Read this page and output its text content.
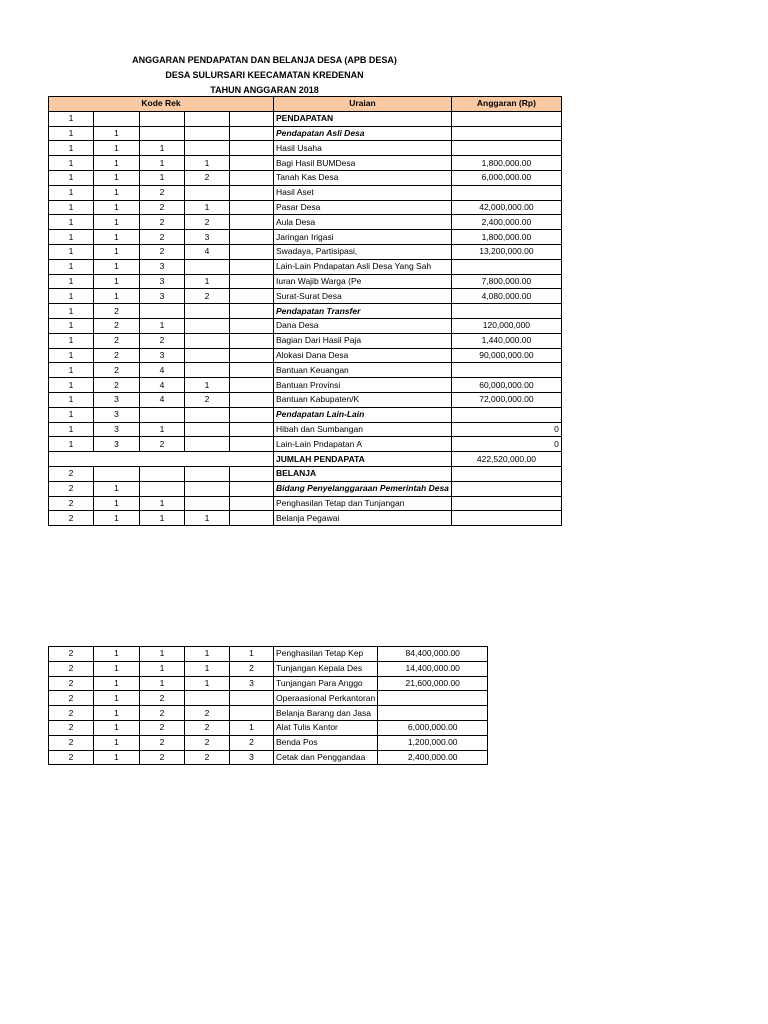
ANGGARAN PENDAPATAN DAN BELANJA DESA (APB DESA)
DESA SULURSARI KEECAMATAN KREDENAN
TAHUN ANGGARAN 2018
Kode Rek					Uraian	Anggaran (Rp)
1					PENDAPATAN	
1	1				Pendapatan Asli Desa	
1	1	1			Hasil Usaha	
1	1	1	1		Bagi Hasil BUMDesa	1,800,000.00
1	1	1	2		Tanah Kas Desa	6,000,000.00
1	1	2			Hasil Aset	
1	1	2	1		Pasar Desa	42,000,000.00
1	1	2	2		Aula Desa	2,400,000.00
1	1	2	3		Jaringan Irigasi	1,800,000.00
1	1	2	4		Swadaya, Partisipasi,	13,200,000.00
1	1	3			Lain-Lain Pndapatan Asli Desa Yang Sah	
1	1	3	1		Iuran Wajib Warga (Pe	7,800,000.00
1	1	3	2		Surat-Surat Desa	4,080,000.00
1	2				Pendapatan Transfer	
1	2	1			Dana Desa	120,000,000
1	2	2			Bagian Dari Hasil Paja	1,440,000.00
1	2	3			Alokasi Dana Desa	90,000,000.00
1	2	4			Bantuan Keuangan	
1	2	4	1		Bantuan Provinsi	60,000,000.00
1	3	4	2		Bantuan Kabupaten/K	72,000,000.00
1	3				Pendapatan Lain-Lain	
1	3	1			Hibah dan Sumbangan	0
1	3	2			Lain-Lain Pndapatan A	0
					JUMLAH PENDAPATA	422,520,000.00
2					BELANJA	
2	1				Bidang Penyelanggaraan Pemerintah Desa	
2	1	1			Penghasilan Tetap dan Tunjangan	
2	1	1	1		Belanja Pegawai	
2	1	1	1	1	Penghasilan Tetap Kep	84,400,000.00
2	1	1	1	2	Tunjangan Kepala Des	14,400,000.00
2	1	1	1	3	Tunjangan Para Anggo	21,600,000.00
2	1	2			Operaasional Perkantoran	
2	1	2	2		Belanja Barang dan Jasa	
2	1	2	2	1	Alat Tulis Kantor	6,000,000.00
2	1	2	2	2	Benda Pos	1,200,000.00
2	1	2	2	3	Cetak dan Penggandaa	2,400,000.00
